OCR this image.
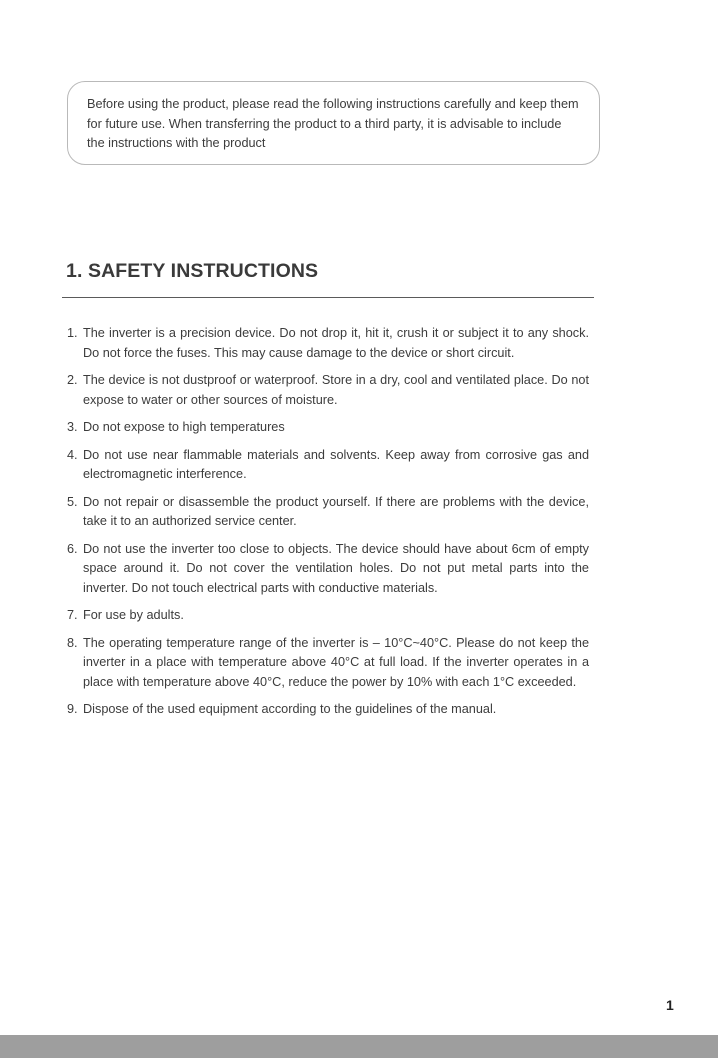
Before using the product, please read the following instructions carefully and keep them for future use. When transferring the product to a third party, it is advisable to include the instructions with the product

1. SAFETY INSTRUCTIONS
1. The inverter is a precision device. Do not drop it, hit it, crush it or subject it to any shock. Do not force the fuses. This may cause damage to the device or short circuit.
2. The device is not dustproof or waterproof. Store in a dry, cool and ventilated place. Do not expose to water or other sources of moisture.
3. Do not expose to high temperatures
4. Do not use near flammable materials and solvents. Keep away from corrosive gas and electromagnetic interference.
5. Do not repair or disassemble the product yourself. If there are problems with the device, take it to an authorized service center.
6. Do not use the inverter too close to objects. The device should have about 6cm of empty space around it. Do not cover the ventilation holes. Do not put metal parts into the inverter. Do not touch electrical parts with conductive materials.
7. For use by adults.
8. The operating temperature range of the inverter is – 10°C~40°C. Please do not keep the inverter in a place with temperature above 40°C at full load. If the inverter operates in a place with temperature above 40°C, reduce the power by 10% with each 1°C exceeded.
9. Dispose of the used equipment according to the guidelines of the manual.
1
